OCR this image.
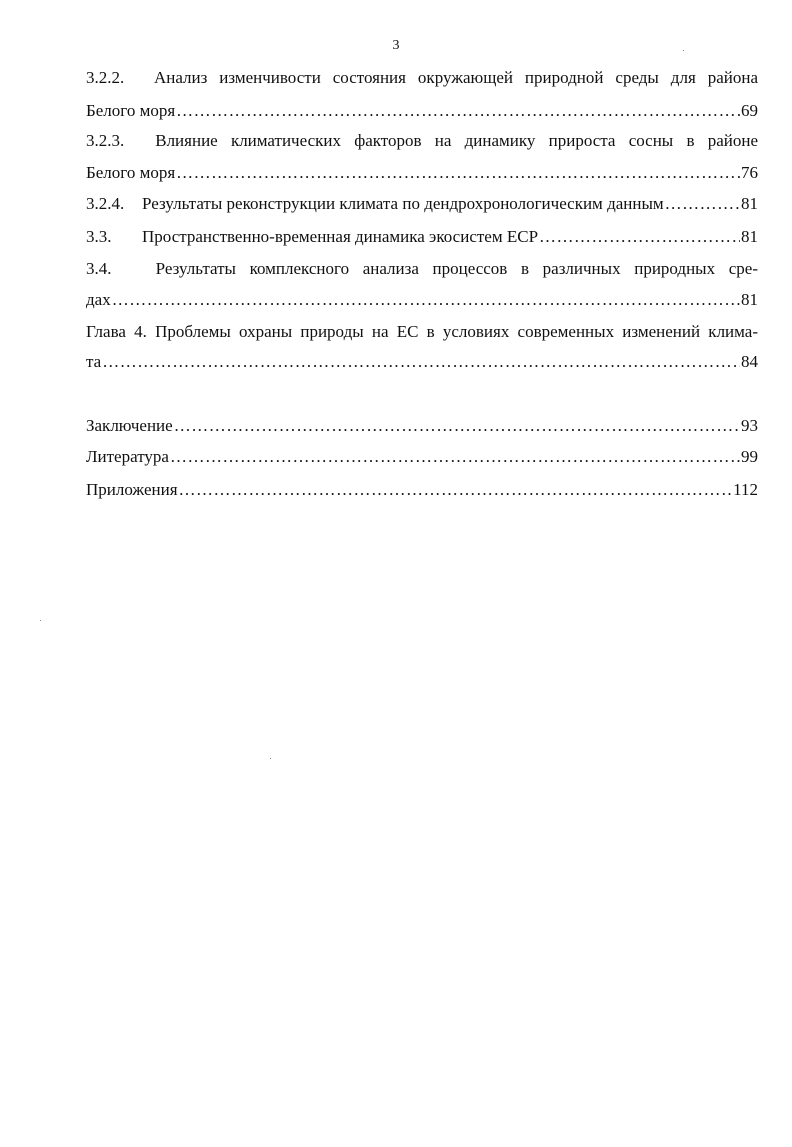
3
3.2.2. Анализ изменчивости состояния окружающей природной среды для района
Белого моря ……………………………………………………………………………………………………………………………………………………………………………………………………	69
3.2.3. Влияние климатических факторов на динамику прироста сосны в районе
Белого моря ……………………………………………………………………………………………………………………………………………………………………………………………………	76
3.2.4.	Результаты реконструкции климата по дендрохронологическим данным ……………………………………………………………………………………………………………………………………………………………………………………………………	81
3.3.	Пространственно-временная динамика экосистем ЕСР ……………………………………………………………………………………………………………………………………………………………………………………………………	81
3.4.	Результаты комплексного анализа процессов в различных природных сре-
дах ……………………………………………………………………………………………………………………………………………………………………………………………………	81
Глава 4. Проблемы охраны природы на ЕС в условиях современных изменений клима-
та ……………………………………………………………………………………………………………………………………………………………………………………………………	84
Заключение ……………………………………………………………………………………………………………………………………………………………………………………………………	93
Литература ……………………………………………………………………………………………………………………………………………………………………………………………………	99
Приложения ……………………………………………………………………………………………………………………………………………………………………………………………………	112
